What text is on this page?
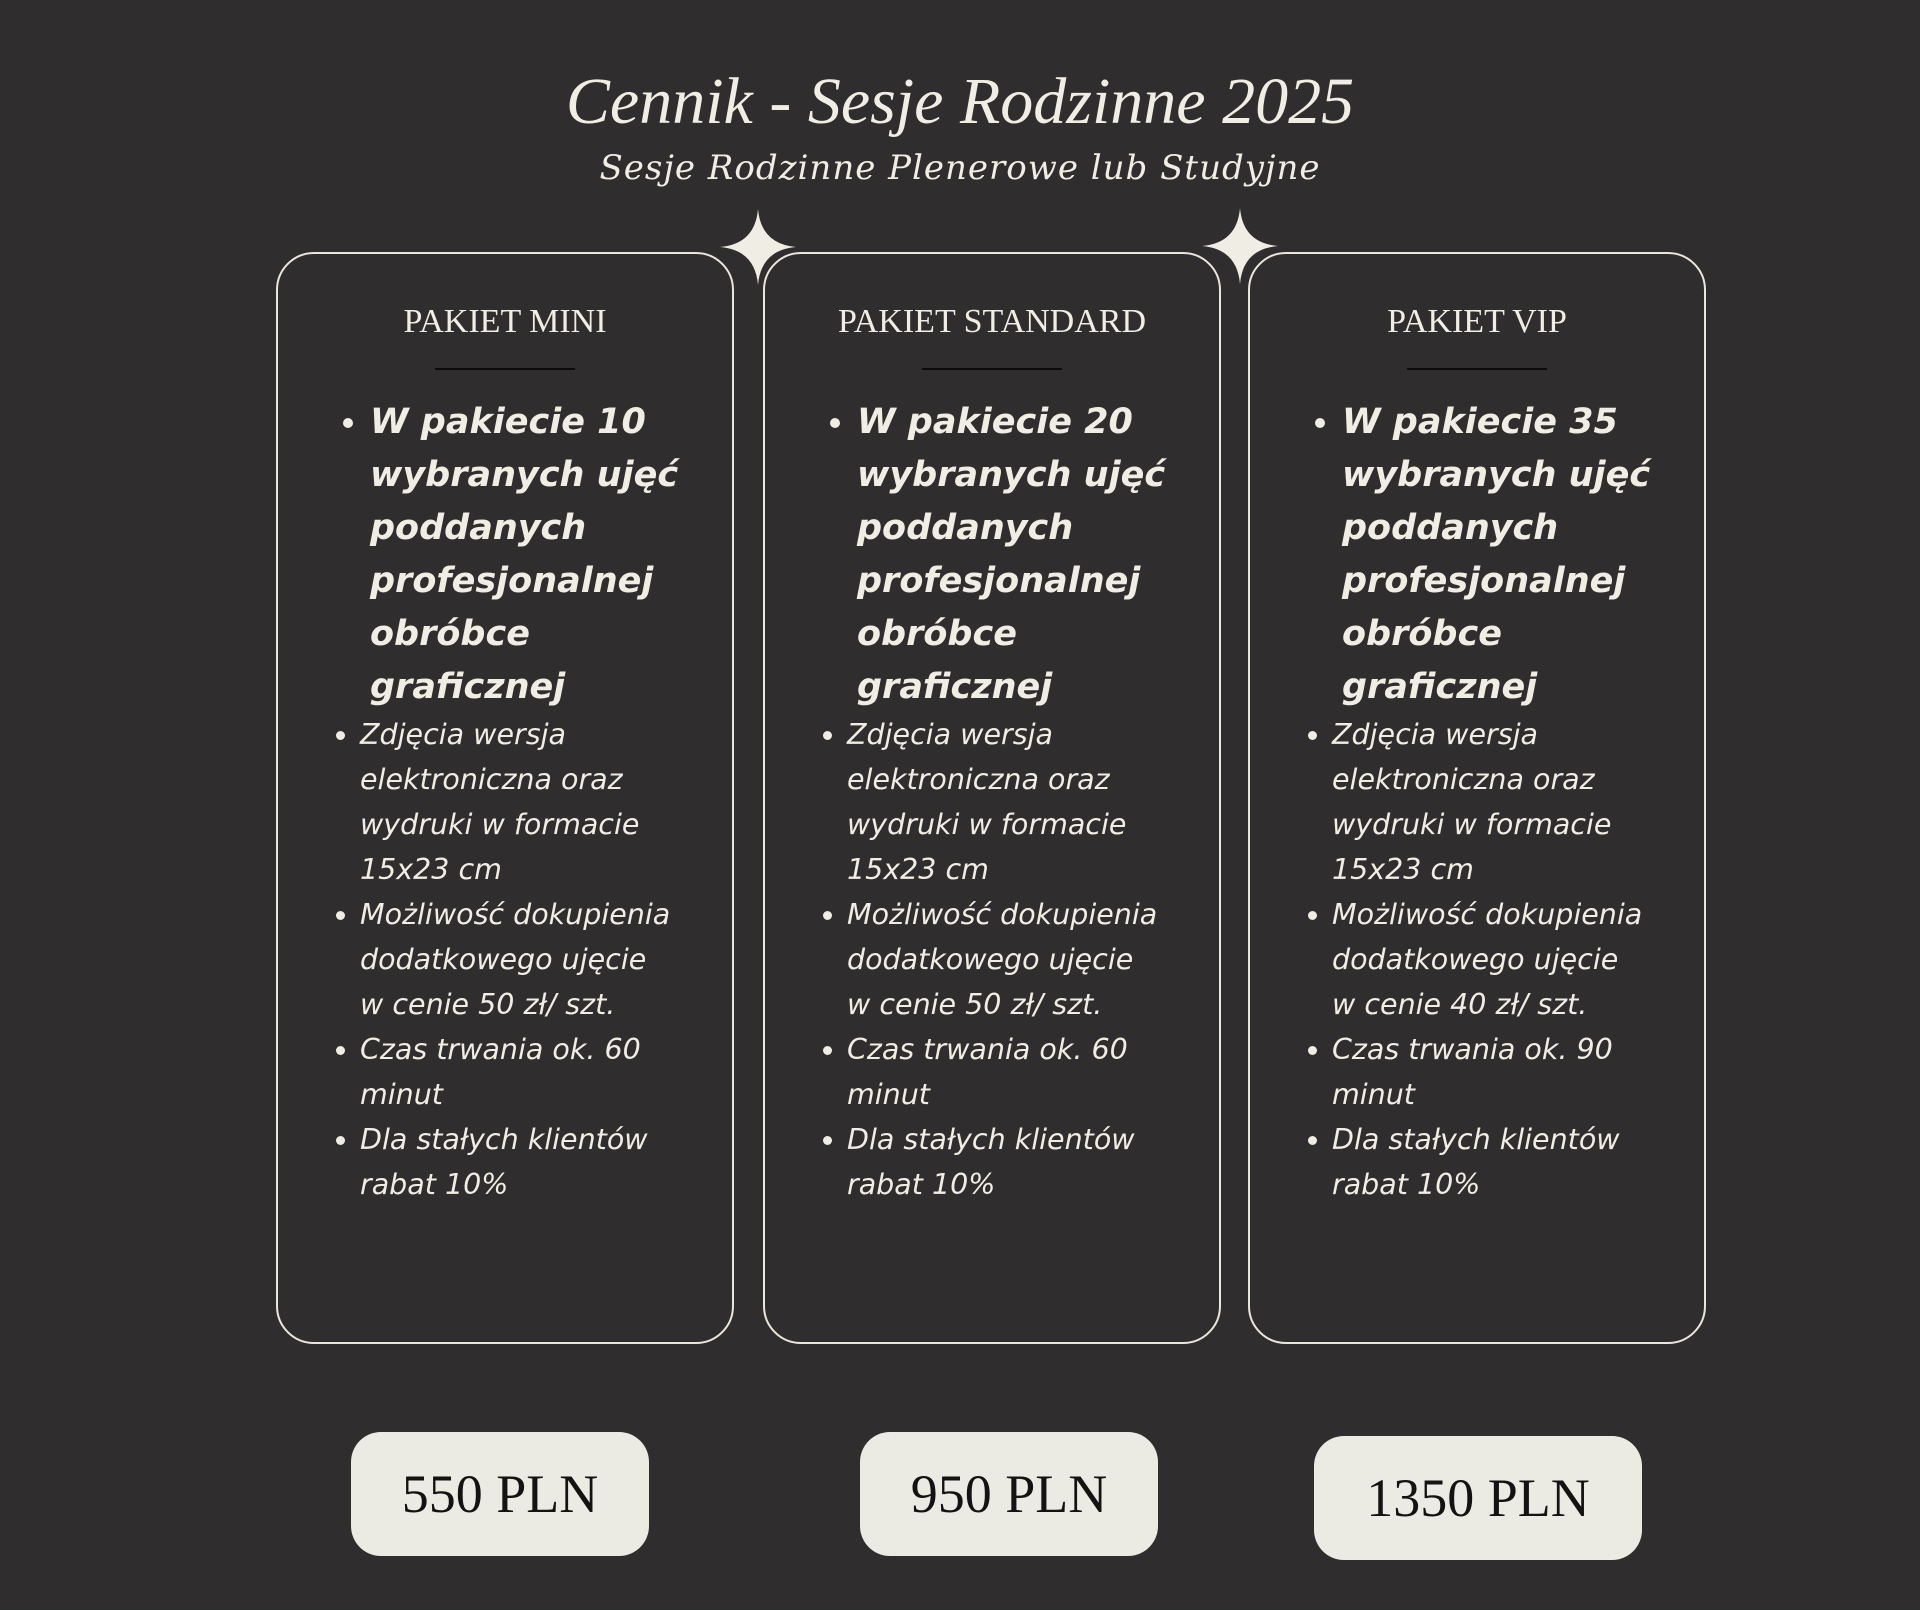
Cennik - Sesje Rodzinne 2025
Sesje Rodzinne Plenerowe lub Studyjne
PAKIET MINI
• W pakiecie 10
wybranych ujęć
poddanych
profesjonalnej
obróbce
graficznej
• Zdjęcia wersja
elektroniczna oraz
wydruki w formacie
15x23 cm
• Możliwość dokupienia
dodatkowego ujęcie
w cenie 50 zł/ szt.
• Czas trwania ok. 60
minut
• Dla stałych klientów
rabat 10%
PAKIET STANDARD
• W pakiecie 20
wybranych ujęć
poddanych
profesjonalnej
obróbce
graficznej
• Zdjęcia wersja
elektroniczna oraz
wydruki w formacie
15x23 cm
• Możliwość dokupienia
dodatkowego ujęcie
w cenie 50 zł/ szt.
• Czas trwania ok. 60
minut
• Dla stałych klientów
rabat 10%
PAKIET VIP
• W pakiecie 35
wybranych ujęć
poddanych
profesjonalnej
obróbce
graficznej
• Zdjęcia wersja
elektroniczna oraz
wydruki w formacie
15x23 cm
• Możliwość dokupienia
dodatkowego ujęcie
w cenie 40 zł/ szt.
• Czas trwania ok. 90
minut
• Dla stałych klientów
rabat 10%
550 PLN	950 PLN	1350 PLN
